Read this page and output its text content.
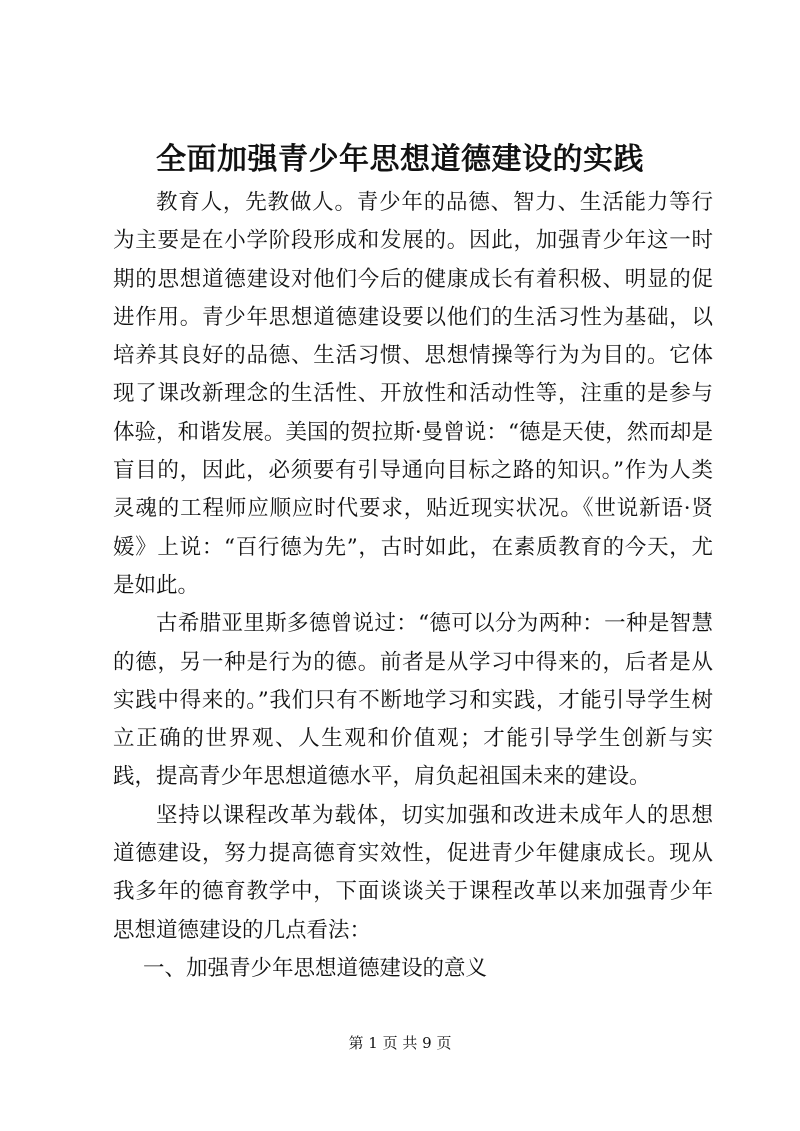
全面加强青少年思想道德建设的实践

教育人，先教做人。青少年的品德、智力、生活能力等行为主要是在小学阶段形成和发展的。因此，加强青少年这一时期的思想道德建设对他们今后的健康成长有着积极、明显的促进作用。青少年思想道德建设要以他们的生活习性为基础，以培养其良好的品德、生活习惯、思想情操等行为为目的。它体现了课改新理念的生活性、开放性和活动性等，注重的是参与体验，和谐发展。美国的贺拉斯·曼曾说：“德是天使，然而却是盲目的，因此，必须要有引导通向目标之路的知识。”作为人类灵魂的工程师应顺应时代要求，贴近现实状况。《世说新语·贤媛》上说：“百行德为先”，古时如此，在素质教育的今天，尤是如此。

古希腊亚里斯多德曾说过：“德可以分为两种：一种是智慧的德，另一种是行为的德。前者是从学习中得来的，后者是从实践中得来的。”我们只有不断地学习和实践，才能引导学生树立正确的世界观、人生观和价值观；才能引导学生创新与实践，提高青少年思想道德水平，肩负起祖国未来的建设。

坚持以课程改革为载体，切实加强和改进未成年人的思想道德建设，努力提高德育实效性，促进青少年健康成长。现从我多年的德育教学中，下面谈谈关于课程改革以来加强青少年思想道德建设的几点看法：

一、加强青少年思想道德建设的意义

第 1 页 共 9 页
